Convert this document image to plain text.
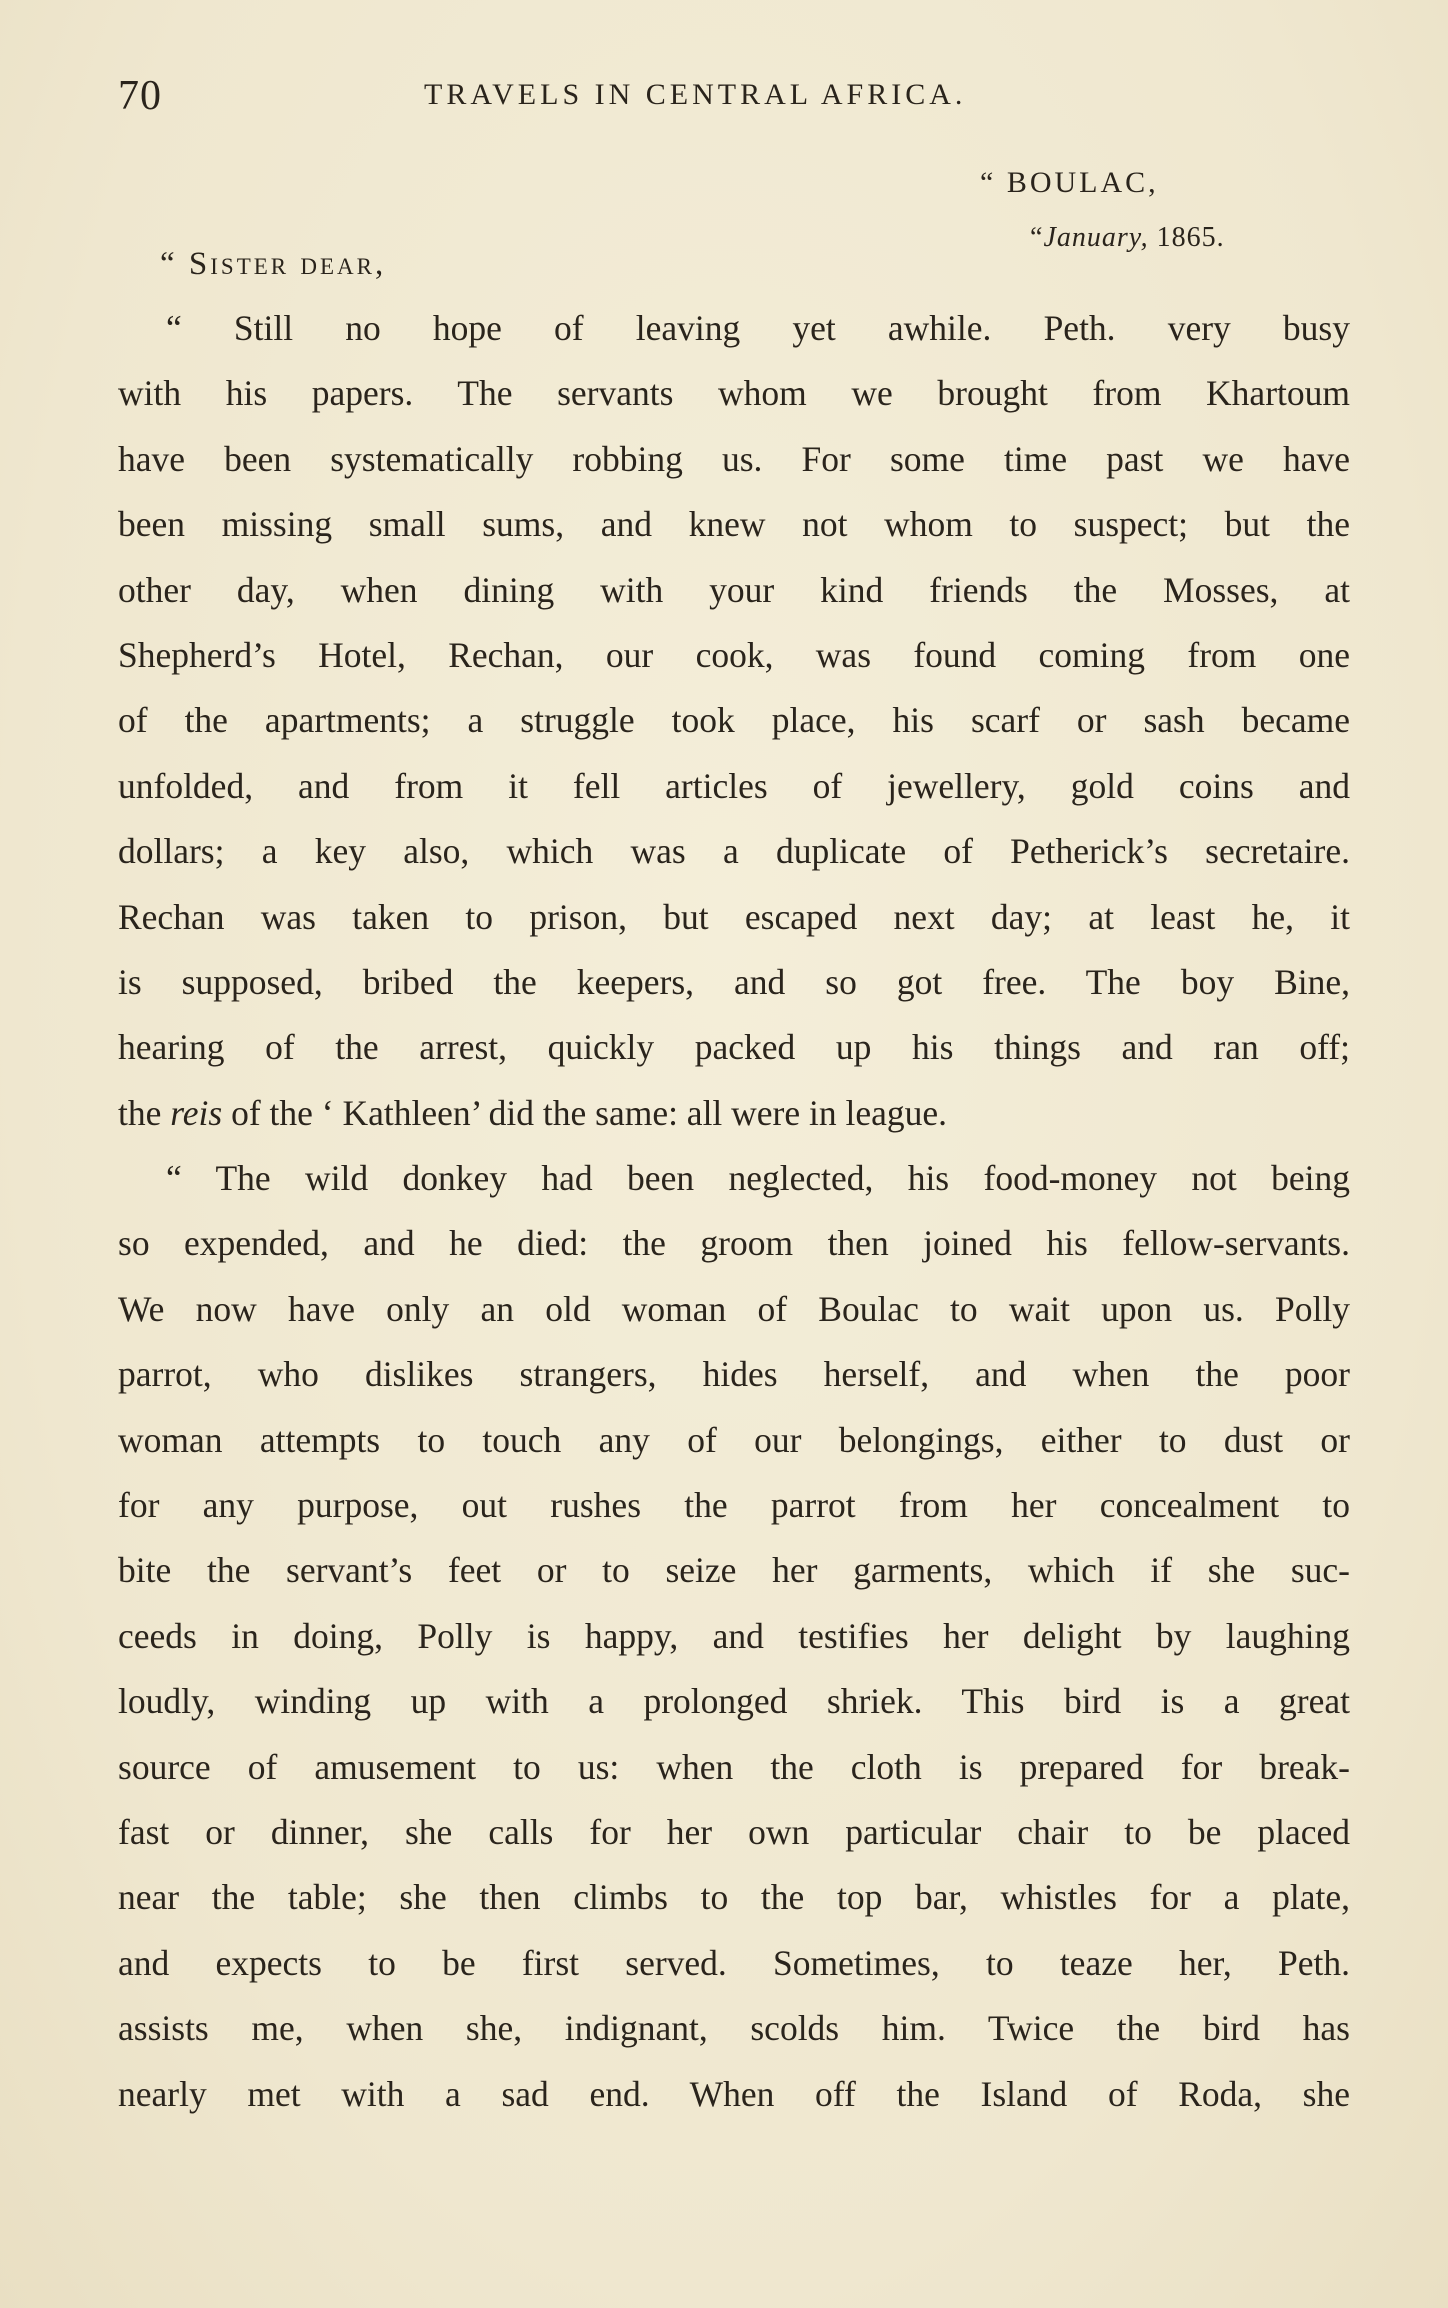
70	TRAVELS IN CENTRAL AFRICA.
“ BOULAC,
“January, 1865.
“ Sister dear,
“ Still no hope of leaving yet awhile. Peth. very busy
with his papers. The servants whom we brought from Khartoum
have been systematically robbing us. For some time past we have
been missing small sums, and knew not whom to suspect; but the
other day, when dining with your kind friends the Mosses, at
Shepherd’s Hotel, Rechan, our cook, was found coming from one
of the apartments; a struggle took place, his scarf or sash became
unfolded, and from it fell articles of jewellery, gold coins and
dollars; a key also, which was a duplicate of Petherick’s secretaire.
Rechan was taken to prison, but escaped next day; at least he, it
is supposed, bribed the keepers, and so got free. The boy Bine,
hearing of the arrest, quickly packed up his things and ran off;
the reis of the ‘ Kathleen’ did the same: all were in league.
“ The wild donkey had been neglected, his food-money not being
so expended, and he died: the groom then joined his fellow-servants.
We now have only an old woman of Boulac to wait upon us. Polly
parrot, who dislikes strangers, hides herself, and when the poor
woman attempts to touch any of our belongings, either to dust or
for any purpose, out rushes the parrot from her concealment to
bite the servant’s feet or to seize her garments, which if she suc-
ceeds in doing, Polly is happy, and testifies her delight by laughing
loudly, winding up with a prolonged shriek. This bird is a great
source of amusement to us: when the cloth is prepared for break-
fast or dinner, she calls for her own particular chair to be placed
near the table; she then climbs to the top bar, whistles for a plate,
and expects to be first served. Sometimes, to teaze her, Peth.
assists me, when she, indignant, scolds him. Twice the bird has
nearly met with a sad end. When off the Island of Roda, she
